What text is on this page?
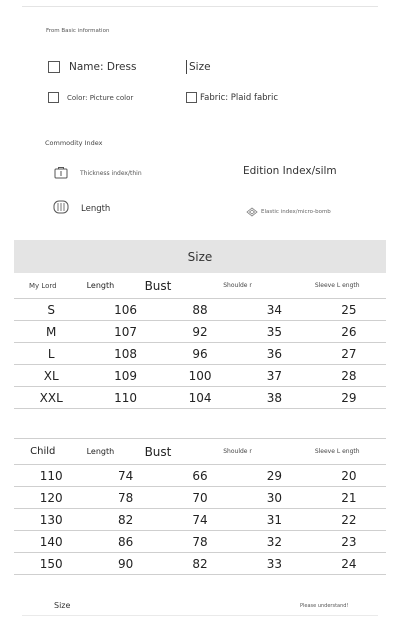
From Basic information
Name: Dress	Size
Color: Picture color	Fabric: Plaid fabric
Commodity Index
Thickness index/thin	Edition Index/silm
Length	Elastic index/micro-bomb
Size
My Lord	Length	Bust	Shoulde r	Sleeve L ength
S	106	88	34	25
M	107	92	35	26
L	108	96	36	27
XL	109	100	37	28
XXL	110	104	38	29
Child	Length	Bust	Shoulde r	Sleeve L ength
110	74	66	29	20
120	78	70	30	21
130	82	74	31	22
140	86	78	32	23
150	90	82	33	24
Size	Please understand!
